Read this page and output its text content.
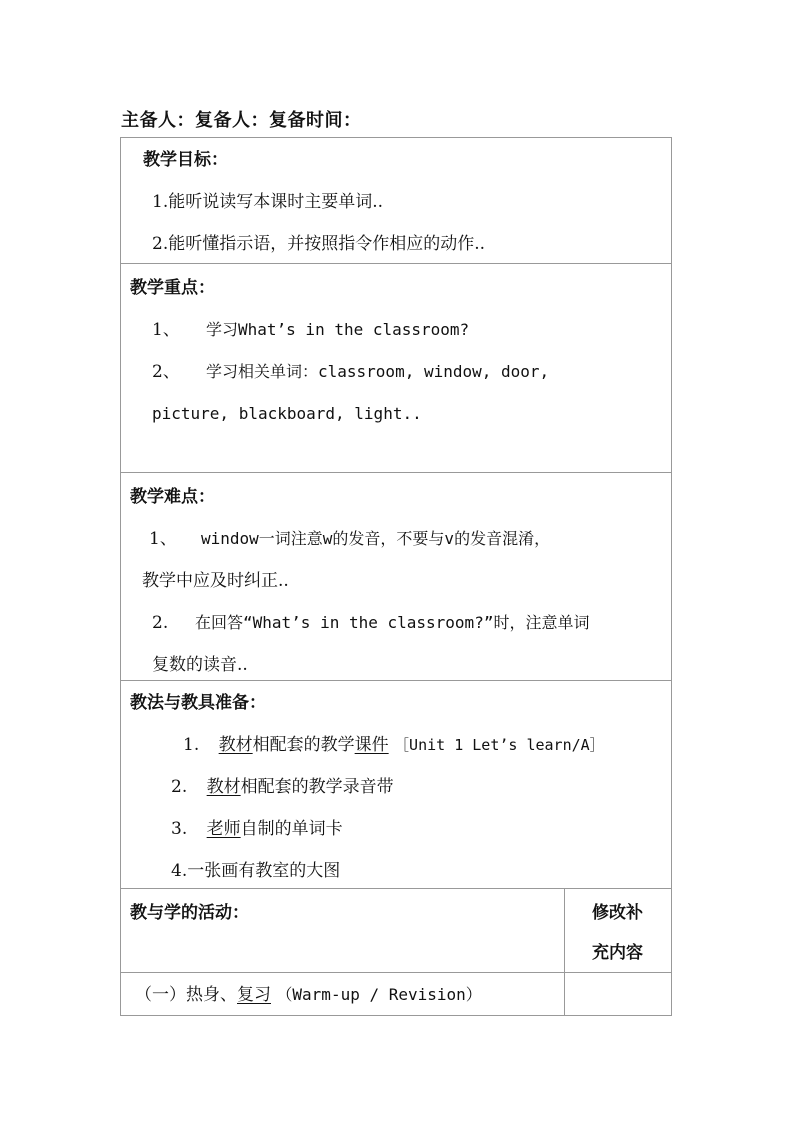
主备人：复备人：复备时间：
教学目标：
1.能听说读写本课时主要单词..
2.能听懂指示语，并按照指令作相应的动作..
教学重点：
1、 学习What’s in the classroom?
2、 学习相关单词：classroom, window, door,
picture, blackboard, light..
教学难点：
1、 window一词注意w的发音，不要与v的发音混淆，
教学中应及时纠正..
2. 在回答“What’s in the classroom?”时，注意单词
复数的读音..
教法与教具准备：
1. 教材相配套的教学课件 ［Unit 1 Let’s learn/A］
2. 教材相配套的教学录音带
3. 老师自制的单词卡
4.一张画有教室的大图
教与学的活动：	修改补
充内容
（一）热身、复习 （Warm-up / Revision）
